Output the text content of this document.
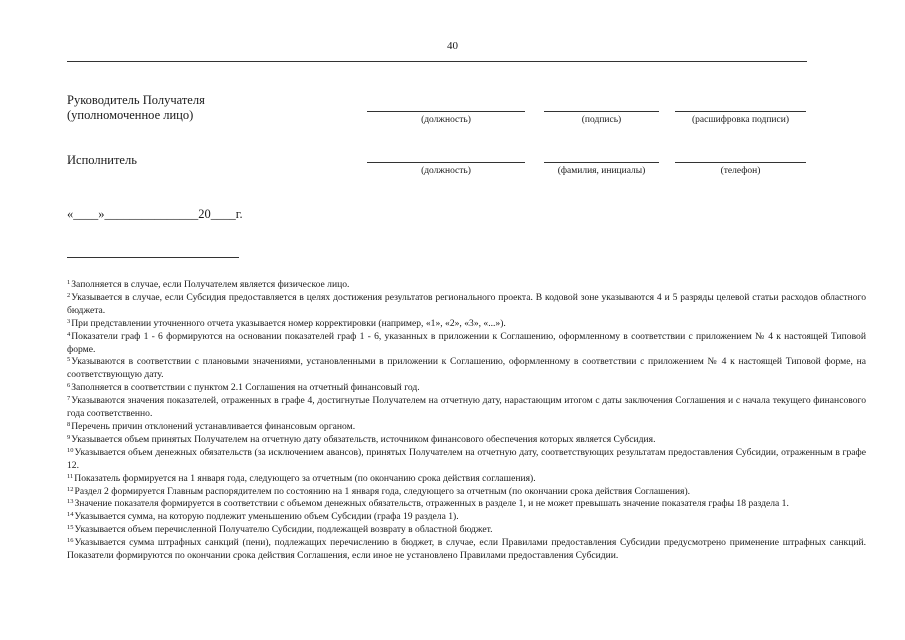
40
Руководитель Получателя
(уполномоченное лицо)	(должность)	(подпись)	(расшифровка подписи)
Исполнитель
(должность)	(фамилия, инициалы)	(телефон)
«____»_______________20____г.
$^1$Заполняется в случае, если Получателем является физическое лицо.
$^2$Указывается в случае, если Субсидия предоставляется в целях достижения результатов регионального проекта. В кодовой зоне указываются 4 и 5 разряды целевой статьи расходов областного бюджета.
$^3$При представлении уточненного отчета указывается номер корректировки (например, «1», «2», «3», «...»).
$^4$Показатели граф 1 - 6 формируются на основании показателей граф 1 - 6, указанных в приложении к Соглашению, оформленному в соответствии с приложением № 4 к настоящей Типовой форме.
$^5$Указываются в соответствии с плановыми значениями, установленными в приложении к Соглашению, оформленному в соответствии с приложением № 4 к настоящей Типовой форме, на соответствующую дату.
$^6$Заполняется в соответствии с пунктом 2.1 Соглашения на отчетный финансовый год.
$^7$Указываются значения показателей, отраженных в графе 4, достигнутые Получателем на отчетную дату, нарастающим итогом с даты заключения Соглашения и с начала текущего финансового года соответственно.
$^8$Перечень причин отклонений устанавливается финансовым органом.
$^9$Указывается объем принятых Получателем на отчетную дату обязательств, источником финансового обеспечения которых является Субсидия.
$^{10}$Указывается объем денежных обязательств (за исключением авансов), принятых Получателем на отчетную дату, соответствующих результатам предоставления Субсидии, отраженным в графе 12.
$^{11}$Показатель формируется на 1 января года, следующего за отчетным (по окончанию срока действия соглашения).
$^{12}$Раздел 2 формируется Главным распорядителем по состоянию на 1 января года, следующего за отчетным (по окончании срока действия Соглашения).
$^{13}$Значение показателя формируется в соответствии с объемом денежных обязательств, отраженных в разделе 1, и не может превышать значение показателя графы 18 раздела 1.
$^{14}$Указывается сумма, на которую подлежит уменьшению объем Субсидии (графа 19 раздела 1).
$^{15}$Указывается объем перечисленной Получателю Субсидии, подлежащей возврату в областной бюджет.
$^{16}$Указывается сумма штрафных санкций (пени), подлежащих перечислению в бюджет, в случае, если Правилами предоставления Субсидии предусмотрено применение штрафных санкций. Показатели формируются по окончании срока действия Соглашения, если иное не установлено Правилами предоставления Субсидии.
